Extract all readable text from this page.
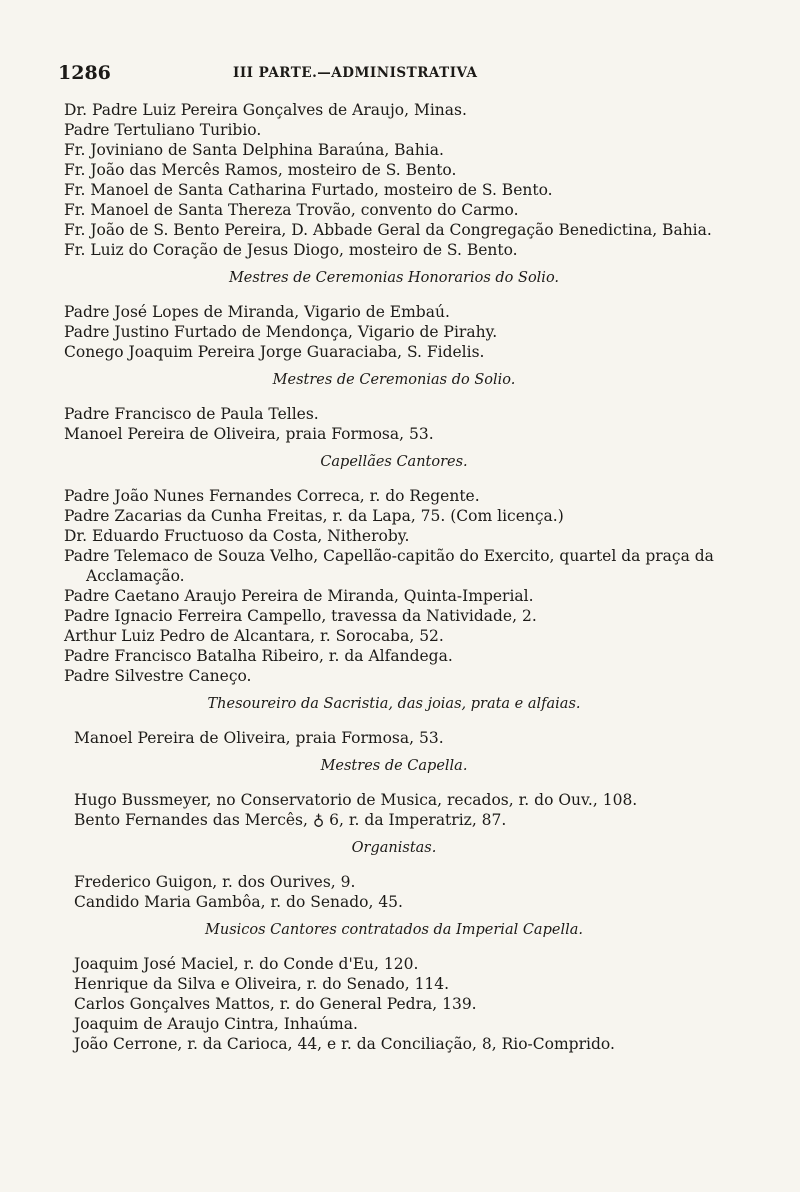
1286	III PARTE.—ADMINISTRATIVA
Dr. Padre Luiz Pereira Gonçalves de Araujo, Minas.
Padre Tertuliano Turibio.
Fr. Joviniano de Santa Delphina Baraúna, Bahia.
Fr. João das Mercês Ramos, mosteiro de S. Bento.
Fr. Manoel de Santa Catharina Furtado, mosteiro de S. Bento.
Fr. Manoel de Santa Thereza Trovão, convento do Carmo.
Fr. João de S. Bento Pereira, D. Abbade Geral da Congregação Benedictina, Bahia.
Fr. Luiz do Coração de Jesus Diogo, mosteiro de S. Bento.
Mestres de Ceremonias Honorarios do Solio.
Padre José Lopes de Miranda, Vigario de Embaú.
Padre Justino Furtado de Mendonça, Vigario de Pirahy.
Conego Joaquim Pereira Jorge Guaraciaba, S. Fidelis.
Mestres de Ceremonias do Solio.
Padre Francisco de Paula Telles.
Manoel Pereira de Oliveira, praia Formosa, 53.
Capellães Cantores.
Padre João Nunes Fernandes Correca, r. do Regente.
Padre Zacarias da Cunha Freitas, r. da Lapa, 75. (Com licença.)
Dr. Eduardo Fructuoso da Costa, Nitheroby.
Padre Telemaco de Souza Velho, Capellão-capitão do Exercito, quartel da praça da Acclamação.
Padre Caetano Araujo Pereira de Miranda, Quinta-Imperial.
Padre Ignacio Ferreira Campello, travessa da Natividade, 2.
Arthur Luiz Pedro de Alcantara, r. Sorocaba, 52.
Padre Francisco Batalha Ribeiro, r. da Alfandega.
Padre Silvestre Caneço.
Thesoureiro da Sacristia, das joias, prata e alfaias.
Manoel Pereira de Oliveira, praia Formosa, 53.
Mestres de Capella.
Hugo Bussmeyer, no Conservatorio de Musica, recados, r. do Ouv., 108.
Bento Fernandes das Mercês, ♁ 6, r. da Imperatriz, 87.
Organistas.
Frederico Guigon, r. dos Ourives, 9.
Candido Maria Gambôa, r. do Senado, 45.
Musicos Cantores contratados da Imperial Capella.
Joaquim José Maciel, r. do Conde d'Eu, 120.
Henrique da Silva e Oliveira, r. do Senado, 114.
Carlos Gonçalves Mattos, r. do General Pedra, 139.
Joaquim de Araujo Cintra, Inhaúma.
João Cerrone, r. da Carioca, 44, e r. da Conciliação, 8, Rio-Comprido.
